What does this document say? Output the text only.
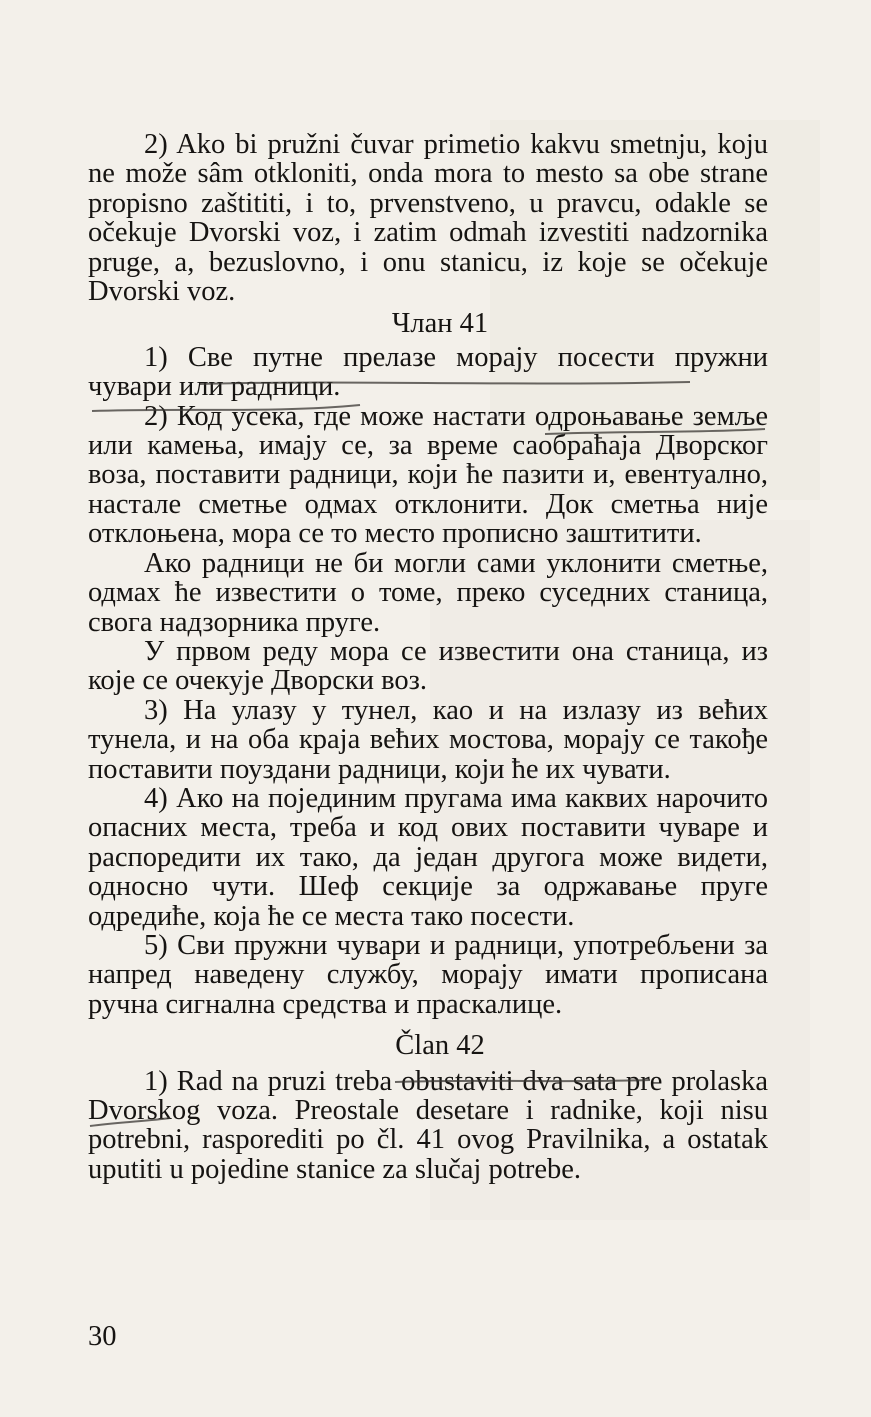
2) Ako bi pružni čuvar primetio kakvu smetnju, koju ne može sâm otkloniti, onda mora to mesto sa obe strane propisno zaštititi, i to, prvenstveno, u pravcu, odakle se očekuje Dvorski voz, i zatim odmah izvestiti nadzornika pruge, a, bezuslovno, i onu stanicu, iz koje se očekuje Dvorski voz.

Члан 41

1) Све путне прелазе морају посести пружни чувари или радници.

2) Код усека, где може настати одроњавање земље или камења, имају се, за време саобраћаја Дворског воза, поставити радници, који ће пазити и, евентуално, настале сметње одмах отклонити. Док сметња није отклоњена, мора се то место прописно заштитити.

Ако радници не би могли сами уклонити сметње, одмах ће известити о томе, преко суседних станица, свога надзорника пруге.

У првом реду мора се известити она станица, из које се очекује Дворски воз.

3) На улазу у тунел, као и на излазу из већих тунела, и на оба краја већих мостова, морају се такође поставити поуздани радници, који ће их чувати.

4) Ако на појединим пругама има каквих нарочито опасних места, треба и код ових поставити чуваре и распоредити их тако, да један другога може видети, односно чути. Шеф секције за одржавање пруге одредиће, која ће се места тако посести.

5) Сви пружни чувари и радници, употребљени за напред наведену службу, морају имати прописана ручна сигнална средства и праскалице.

Član 42

1) Rad na pruzi treba obustaviti dva sata pre prolaska Dvorskog voza. Preostale desetare i radnike, koji nisu potrebni, rasporediti po čl. 41 ovog Pravilnika, a ostatak uputiti u pojedine stanice za slučaj potrebe.

30
